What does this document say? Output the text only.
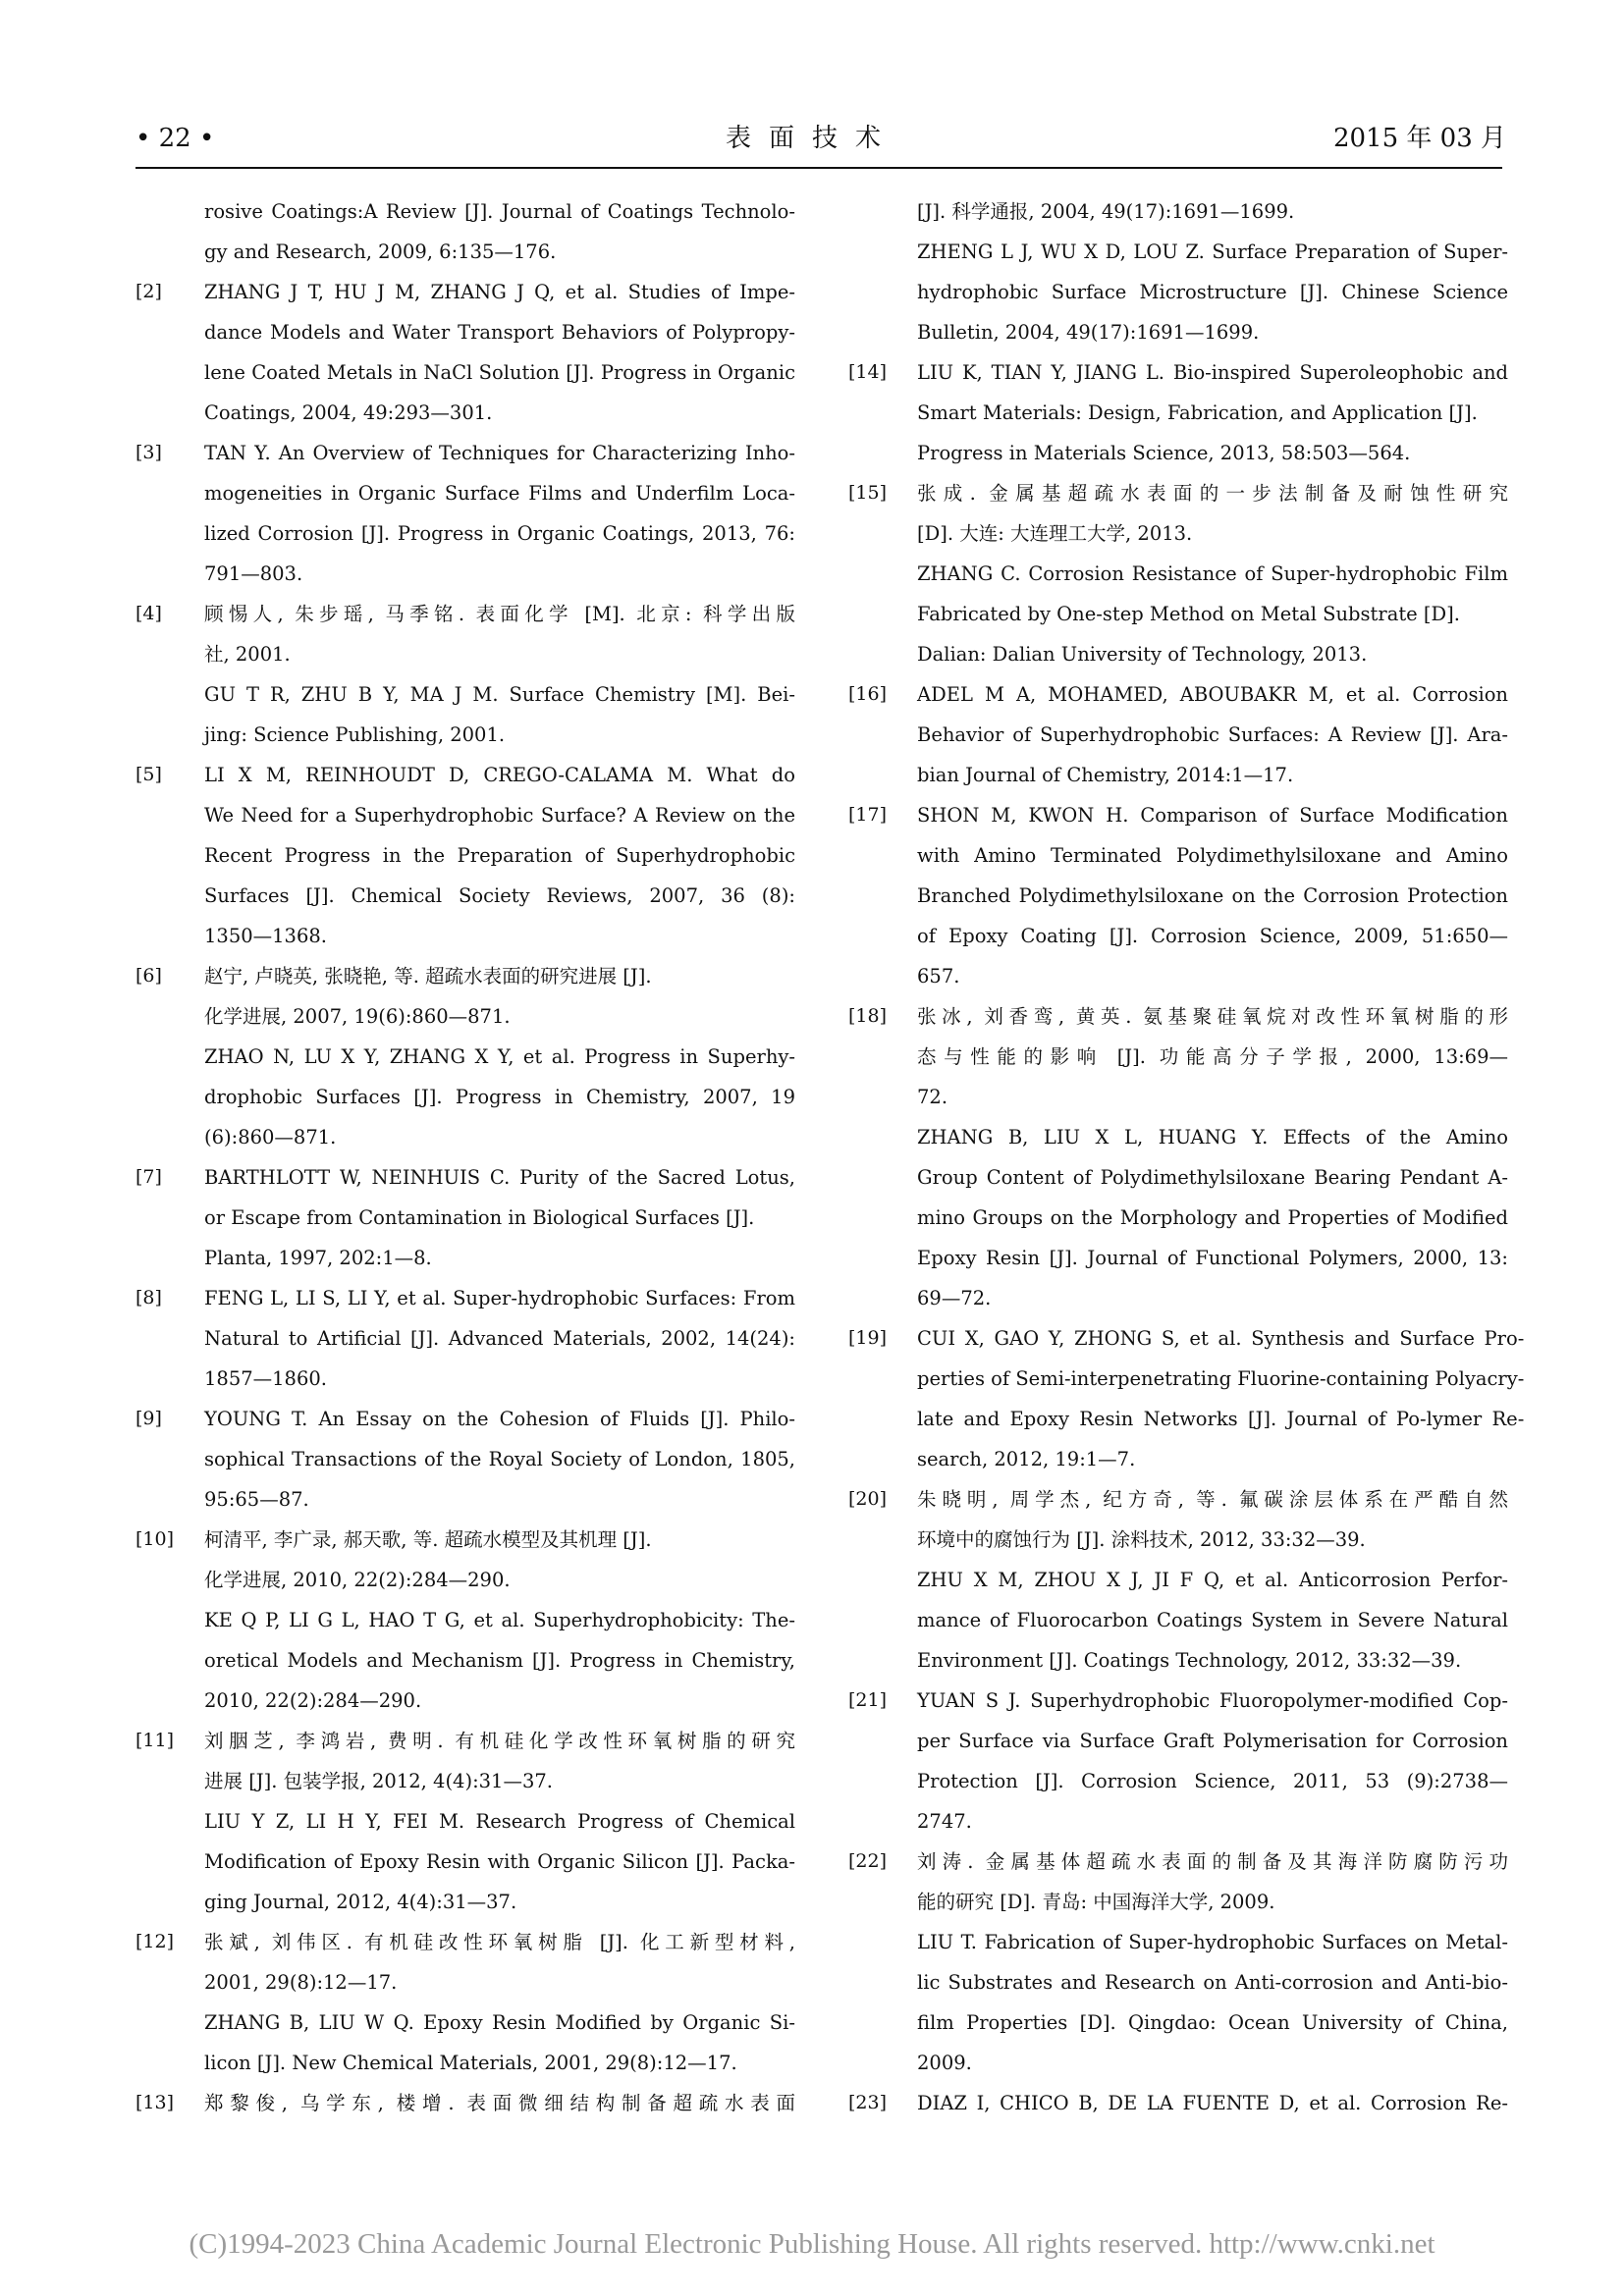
• 22 •	表面技术	2015 年 03 月
rosive Coatings:A Review [J]. Journal of Coatings Technolo-
gy and Research, 2009, 6:135—176.
[2]	ZHANG J T, HU J M, ZHANG J Q, et al. Studies of Impe-
dance Models and Water Transport Behaviors of Polypropy-
lene Coated Metals in NaCl Solution [J]. Progress in Organic
Coatings, 2004, 49:293—301.
[3]	TAN Y. An Overview of Techniques for Characterizing Inho-
mogeneities in Organic Surface Films and Underfilm Loca-
lized Corrosion [J]. Progress in Organic Coatings, 2013, 76:
791—803.
[4]	顾惕人, 朱步瑶, 马季铭. 表面化学 [M]. 北京: 科学出版
社, 2001.
GU T R, ZHU B Y, MA J M. Surface Chemistry [M]. Bei-
jing: Science Publishing, 2001.
[5]	LI X M, REINHOUDT D, CREGO-CALAMA M. What do
We Need for a Superhydrophobic Surface? A Review on the
Recent Progress in the Preparation of Superhydrophobic
Surfaces [J]. Chemical Society Reviews, 2007, 36 (8):
1350—1368.
[6]	赵宁, 卢晓英, 张晓艳, 等. 超疏水表面的研究进展 [J].
化学进展, 2007, 19(6):860—871.
ZHAO N, LU X Y, ZHANG X Y, et al. Progress in Superhy-
drophobic Surfaces [J]. Progress in Chemistry, 2007, 19
(6):860—871.
[7]	BARTHLOTT W, NEINHUIS C. Purity of the Sacred Lotus,
or Escape from Contamination in Biological Surfaces [J].
Planta, 1997, 202:1—8.
[8]	FENG L, LI S, LI Y, et al. Super-hydrophobic Surfaces: From
Natural to Artificial [J]. Advanced Materials, 2002, 14(24):
1857—1860.
[9]	YOUNG T. An Essay on the Cohesion of Fluids [J]. Philo-
sophical Transactions of the Royal Society of London, 1805,
95:65—87.
[10]	柯清平, 李广录, 郝天歌, 等. 超疏水模型及其机理 [J].
化学进展, 2010, 22(2):284—290.
KE Q P, LI G L, HAO T G, et al. Superhydrophobicity: The-
oretical Models and Mechanism [J]. Progress in Chemistry,
2010, 22(2):284—290.
[11]	刘胭芝, 李鸿岩, 费明. 有机硅化学改性环氧树脂的研究
进展 [J]. 包装学报, 2012, 4(4):31—37.
LIU Y Z, LI H Y, FEI M. Research Progress of Chemical
Modification of Epoxy Resin with Organic Silicon [J]. Packa-
ging Journal, 2012, 4(4):31—37.
[12]	张斌, 刘伟区. 有机硅改性环氧树脂 [J]. 化工新型材料,
2001, 29(8):12—17.
ZHANG B, LIU W Q. Epoxy Resin Modified by Organic Si-
licon [J]. New Chemical Materials, 2001, 29(8):12—17.
[13]	郑黎俊, 乌学东, 楼增. 表面微细结构制备超疏水表面
[J]. 科学通报, 2004, 49(17):1691—1699.
ZHENG L J, WU X D, LOU Z. Surface Preparation of Super-
hydrophobic Surface Microstructure [J]. Chinese Science
Bulletin, 2004, 49(17):1691—1699.
[14]	LIU K, TIAN Y, JIANG L. Bio-inspired Superoleophobic and
Smart Materials: Design, Fabrication, and Application [J].
Progress in Materials Science, 2013, 58:503—564.
[15]	张成. 金属基超疏水表面的一步法制备及耐蚀性研究
[D]. 大连: 大连理工大学, 2013.
ZHANG C. Corrosion Resistance of Super-hydrophobic Film
Fabricated by One-step Method on Metal Substrate [D].
Dalian: Dalian University of Technology, 2013.
[16]	ADEL M A, MOHAMED, ABOUBAKR M, et al. Corrosion
Behavior of Superhydrophobic Surfaces: A Review [J]. Ara-
bian Journal of Chemistry, 2014:1—17.
[17]	SHON M, KWON H. Comparison of Surface Modification
with Amino Terminated Polydimethylsiloxane and Amino
Branched Polydimethylsiloxane on the Corrosion Protection
of Epoxy Coating [J]. Corrosion Science, 2009, 51:650—
657.
[18]	张冰, 刘香鸾, 黄英. 氨基聚硅氧烷对改性环氧树脂的形
态与性能的影响 [J]. 功能高分子学报, 2000, 13:69—
72.
ZHANG B, LIU X L, HUANG Y. Effects of the Amino
Group Content of Polydimethylsiloxane Bearing Pendant A-
mino Groups on the Morphology and Properties of Modified
Epoxy Resin [J]. Journal of Functional Polymers, 2000, 13:
69—72.
[19]	CUI X, GAO Y, ZHONG S, et al. Synthesis and Surface Pro-
perties of Semi-interpenetrating Fluorine-containing Polyacry-
late and Epoxy Resin Networks [J]. Journal of Po-lymer Re-
search, 2012, 19:1—7.
[20]	朱晓明, 周学杰, 纪方奇, 等. 氟碳涂层体系在严酷自然
环境中的腐蚀行为 [J]. 涂料技术, 2012, 33:32—39.
ZHU X M, ZHOU X J, JI F Q, et al. Anticorrosion Perfor-
mance of Fluorocarbon Coatings System in Severe Natural
Environment [J]. Coatings Technology, 2012, 33:32—39.
[21]	YUAN S J. Superhydrophobic Fluoropolymer-modified Cop-
per Surface via Surface Graft Polymerisation for Corrosion
Protection [J]. Corrosion Science, 2011, 53 (9):2738—
2747.
[22]	刘涛. 金属基体超疏水表面的制备及其海洋防腐防污功
能的研究 [D]. 青岛: 中国海洋大学, 2009.
LIU T. Fabrication of Super-hydrophobic Surfaces on Metal-
lic Substrates and Research on Anti-corrosion and Anti-bio-
film Properties [D]. Qingdao: Ocean University of China,
2009.
[23]	DIAZ I, CHICO B, DE LA FUENTE D, et al. Corrosion Re-
(C)1994-2023 China Academic Journal Electronic Publishing House. All rights reserved. http://www.cnki.net
